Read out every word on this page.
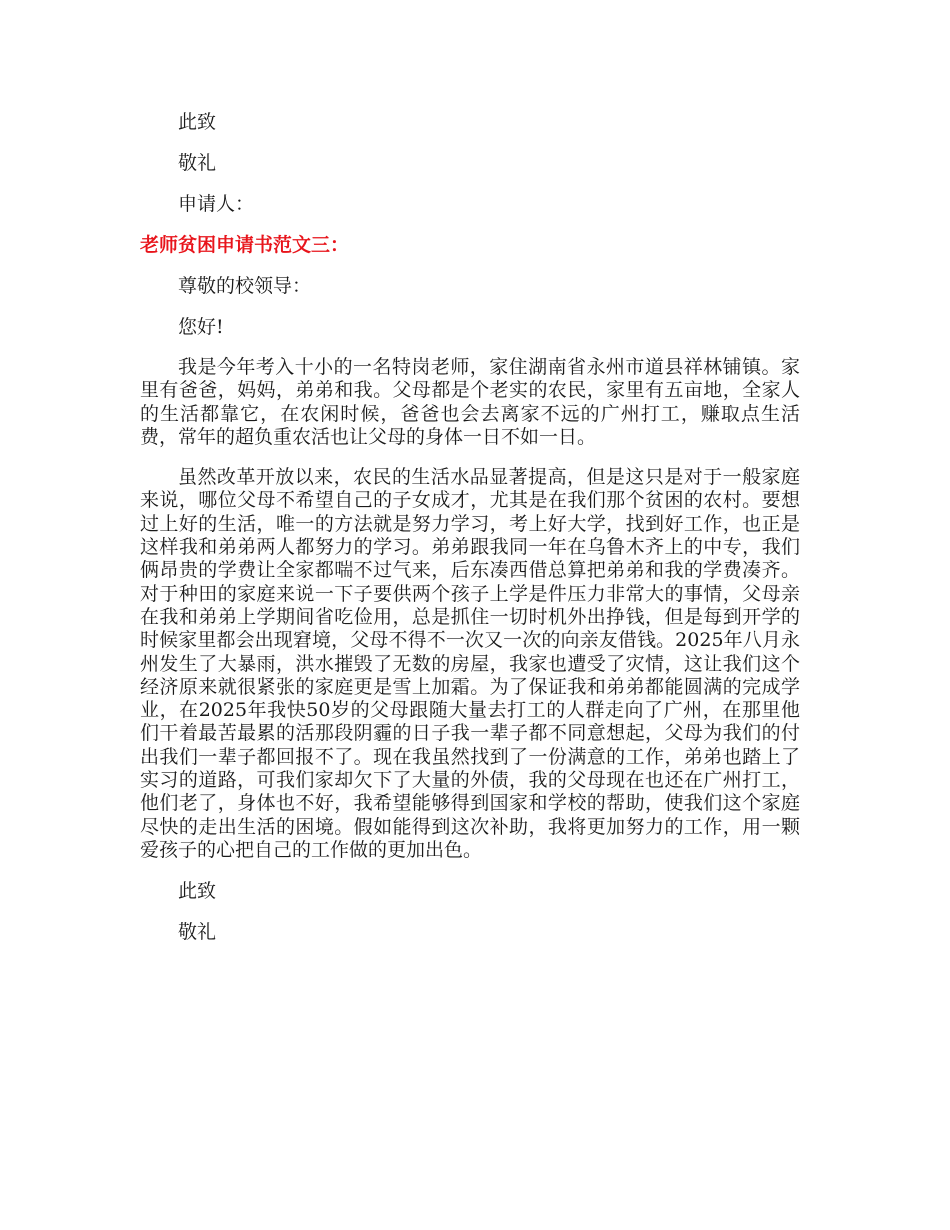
此致

敬礼

申请人：

老师贫困申请书范文三：

尊敬的校领导：

您好!

我是今年考入十小的一名特岗老师，家住湖南省永州市道县祥林铺镇。家里有爸爸，妈妈，弟弟和我。父母都是个老实的农民，家里有五亩地，全家人的生活都靠它，在农闲时候，爸爸也会去离家不远的广州打工，赚取点生活费，常年的超负重农活也让父母的身体一日不如一日。

虽然改革开放以来，农民的生活水品显著提高，但是这只是对于一般家庭来说，哪位父母不希望自己的子女成才，尤其是在我们那个贫困的农村。要想过上好的生活，唯一的方法就是努力学习，考上好大学，找到好工作，也正是这样我和弟弟两人都努力的学习。弟弟跟我同一年在乌鲁木齐上的中专，我们俩昂贵的学费让全家都喘不过气来，后东凑西借总算把弟弟和我的学费凑齐。对于种田的家庭来说一下子要供两个孩子上学是件压力非常大的事情，父母亲在我和弟弟上学期间省吃俭用，总是抓住一切时机外出挣钱，但是每到开学的时候家里都会出现窘境，父母不得不一次又一次的向亲友借钱。2025年八月永州发生了大暴雨，洪水摧毁了无数的房屋，我家也遭受了灾情，这让我们这个经济原来就很紧张的家庭更是雪上加霜。为了保证我和弟弟都能圆满的完成学业，在2025年我快50岁的父母跟随大量去打工的人群走向了广州，在那里他们干着最苦最累的活那段阴霾的日子我一辈子都不同意想起，父母为我们的付出我们一辈子都回报不了。现在我虽然找到了一份满意的工作，弟弟也踏上了实习的道路，可我们家却欠下了大量的外债，我的父母现在也还在广州打工，他们老了，身体也不好，我希望能够得到国家和学校的帮助，使我们这个家庭尽快的走出生活的困境。假如能得到这次补助，我将更加努力的工作，用一颗爱孩子的心把自己的工作做的更加出色。

此致

敬礼
